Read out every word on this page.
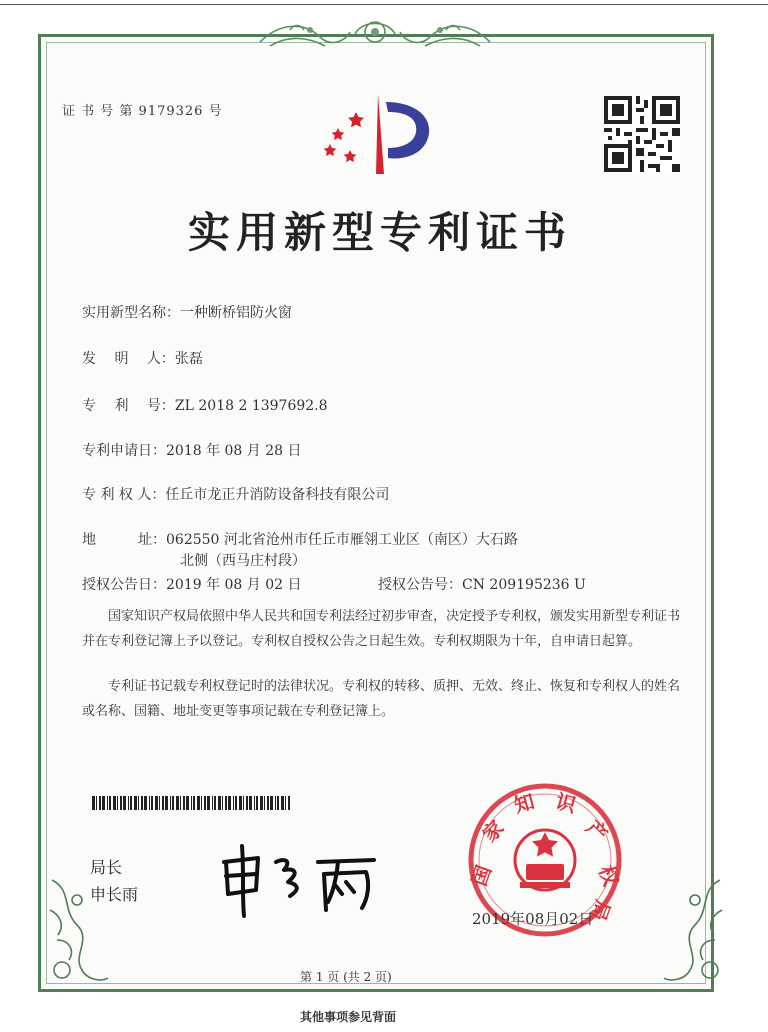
证 书 号 第 9179326 号
实用新型专利证书
实用新型名称：一种断桥铝防火窗
发　 明　 人：张磊
专　 利　 号：ZL 2018 2 1397692.8
专利申请日：2018 年 08 月 28 日
专 利 权 人：任丘市龙正升消防设备科技有限公司
地　　　址：062550 河北省沧州市任丘市雁翎工业区（南区）大石路
北侧（西马庄村段）
授权公告日：2019 年 08 月 02 日	授权公告号：CN 209195236 U
国家知识产权局依照中华人民共和国专利法经过初步审查，决定授予专利权，颁发实用新型专利证书并在专利登记簿上予以登记。专利权自授权公告之日起生效。专利权期限为十年，自申请日起算。
专利证书记载专利权登记时的法律状况。专利权的转移、质押、无效、终止、恢复和专利权人的姓名或名称、国籍、地址变更等事项记载在专利登记簿上。
局长
申长雨
国
家
知 识
产
权
局
2019年08月02日
第 1 页 (共 2 页)
其他事项参见背面
